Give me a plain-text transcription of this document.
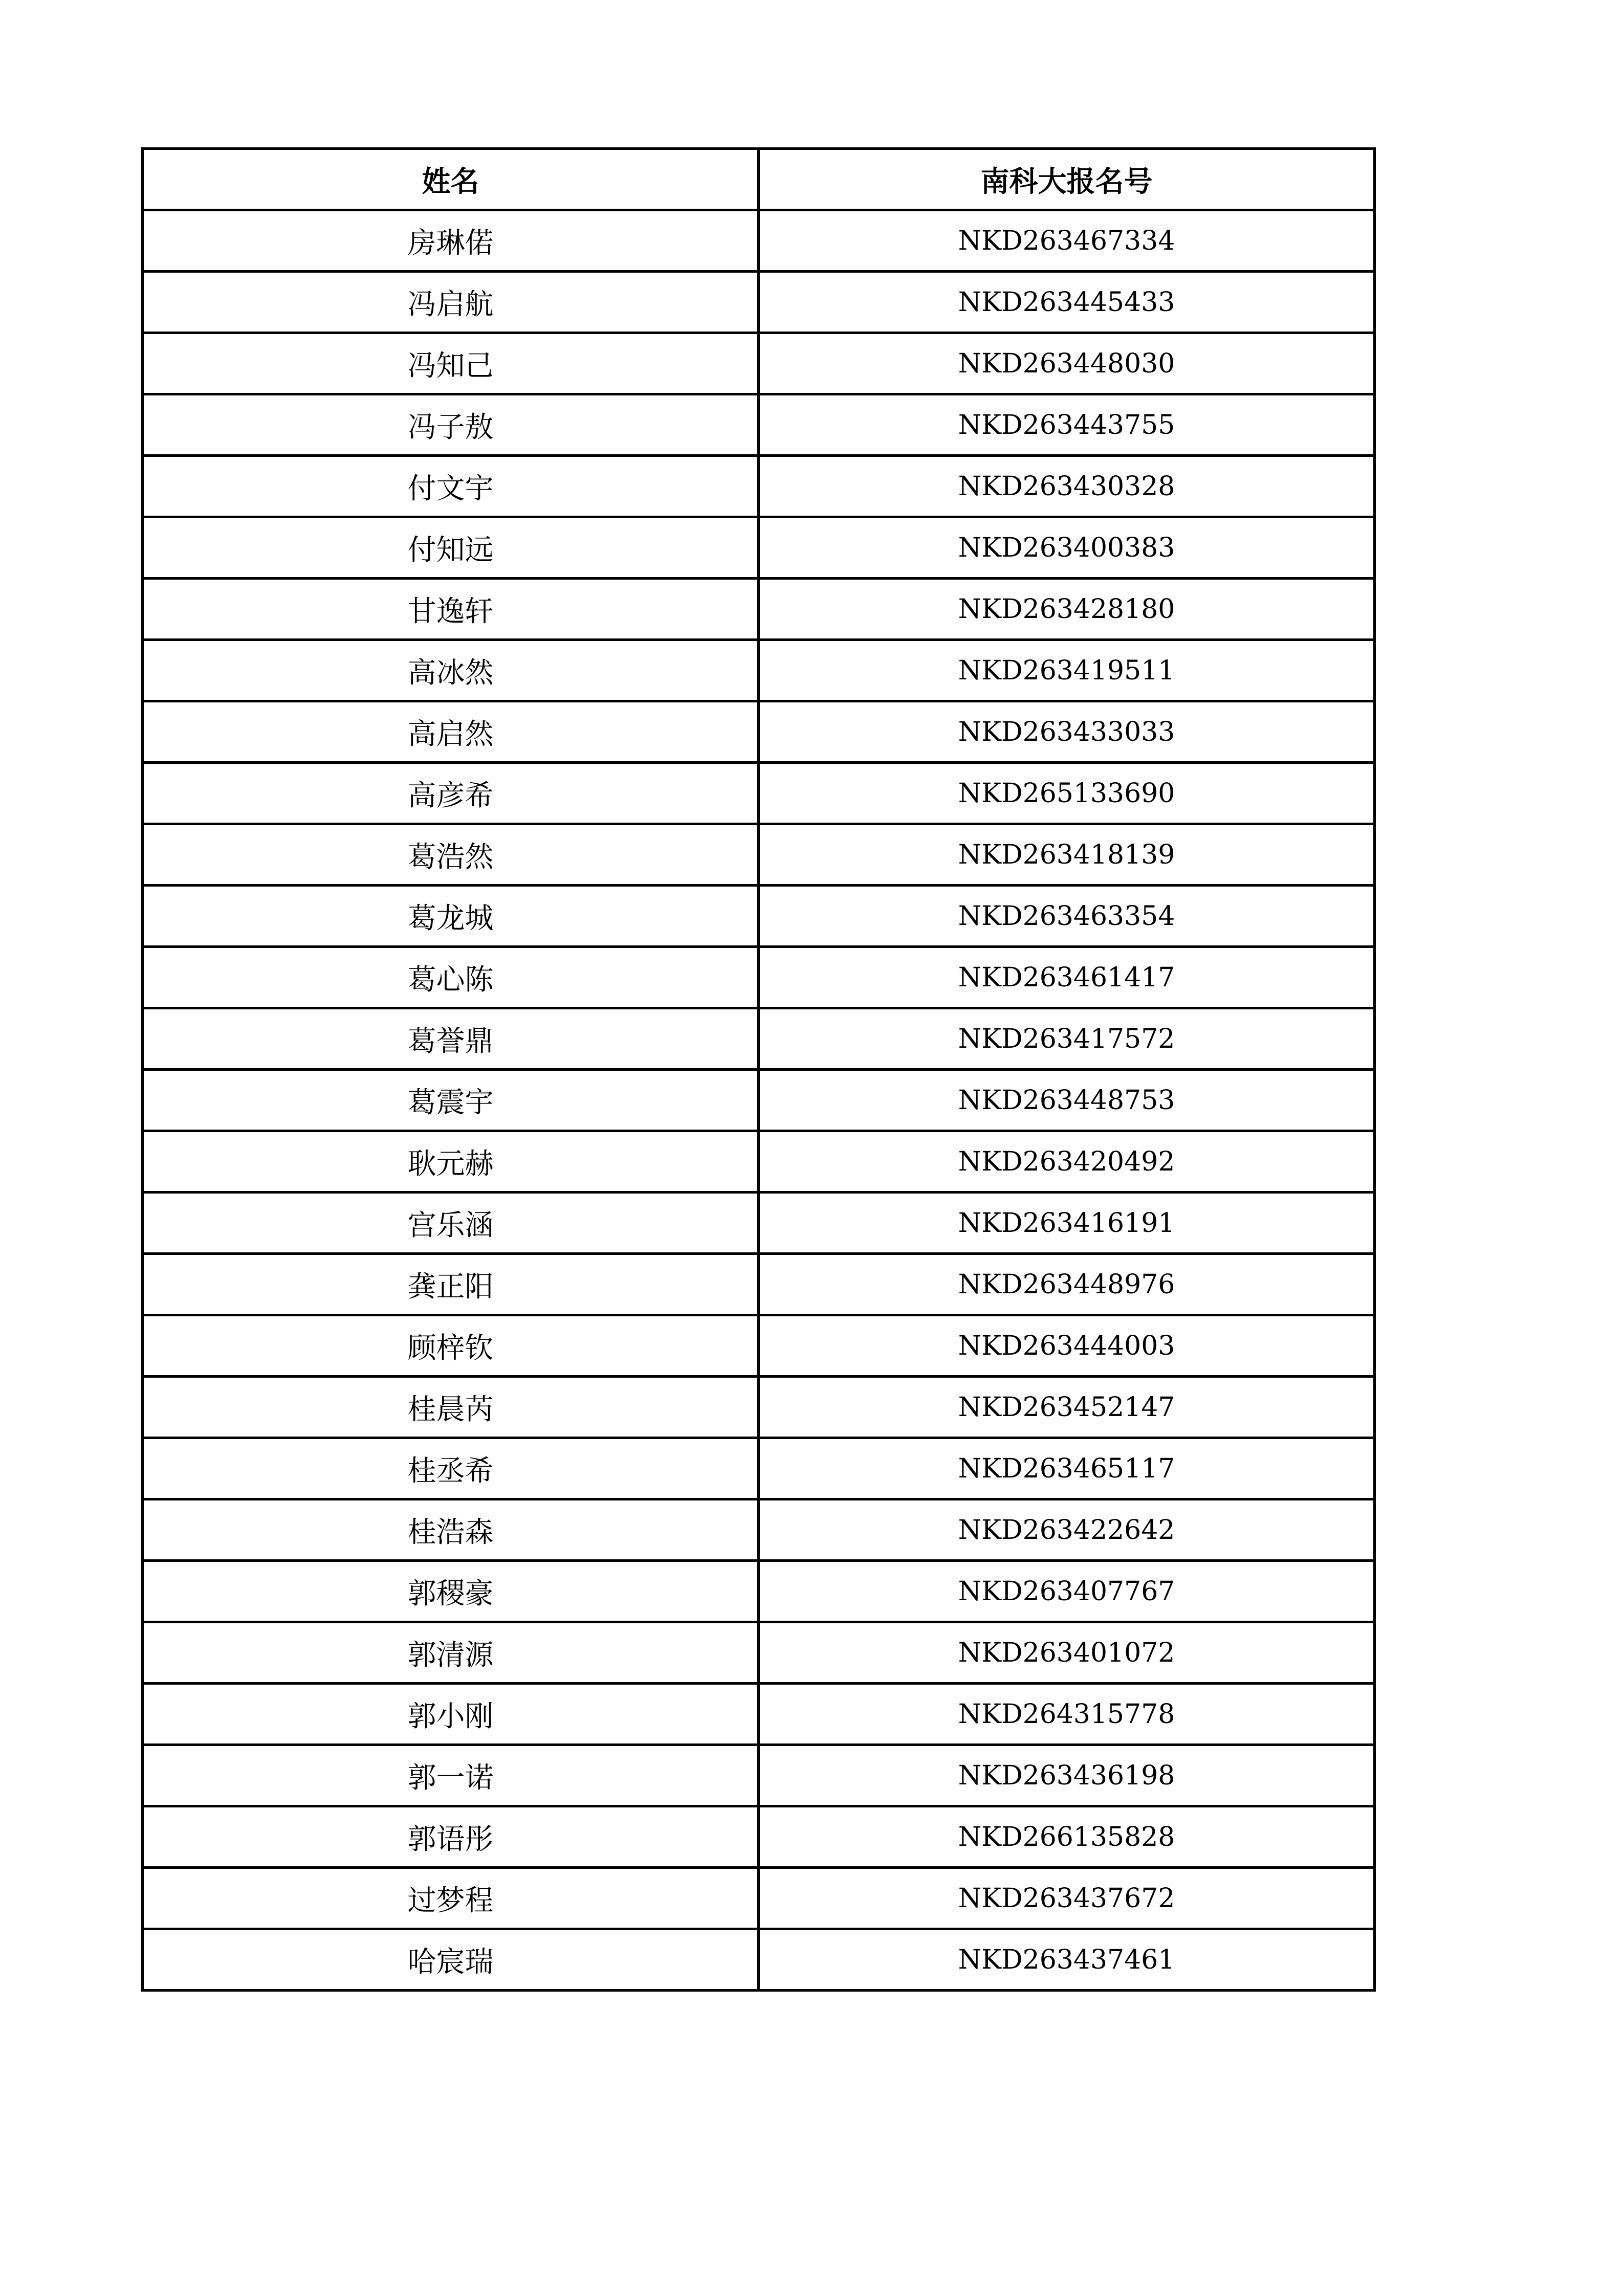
姓名	南科大报名号
房琳偌	NKD263467334
冯启航	NKD263445433
冯知己	NKD263448030
冯子敖	NKD263443755
付文宇	NKD263430328
付知远	NKD263400383
甘逸轩	NKD263428180
高冰然	NKD263419511
高启然	NKD263433033
高彦希	NKD265133690
葛浩然	NKD263418139
葛龙城	NKD263463354
葛心陈	NKD263461417
葛誉鼎	NKD263417572
葛震宇	NKD263448753
耿元赫	NKD263420492
宫乐涵	NKD263416191
龚正阳	NKD263448976
顾梓钦	NKD263444003
桂晨芮	NKD263452147
桂丞希	NKD263465117
桂浩森	NKD263422642
郭稷豪	NKD263407767
郭清源	NKD263401072
郭小刚	NKD264315778
郭一诺	NKD263436198
郭语彤	NKD266135828
过梦程	NKD263437672
哈宸瑞	NKD263437461
